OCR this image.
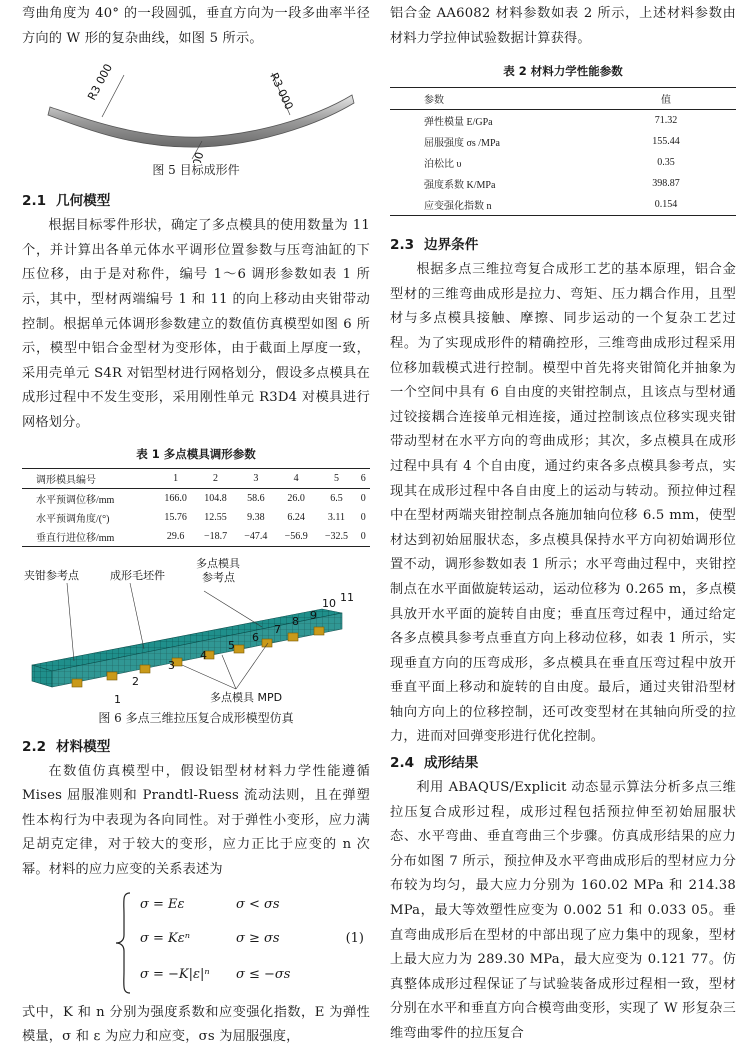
弯曲角度为 40° 的一段圆弧，垂直方向为一段多曲率半径方向的 W 形的复杂曲线，如图 5 所示。

R3 000	R3 000

图 5 目标成形件

2.1 几何模型

根据目标零件形状，确定了多点模具的使用数量为 11 个，并计算出各单元体水平调形位置参数与压弯油缸的下压位移，由于是对称件，编号 1～6 调形参数如表 1 所示，其中，型材两端编号 1 和 11 的向上移动由夹钳带动控制。根据单元体调形参数建立的数值仿真模型如图 6 所示，模型中铝合金型材为变形体，由于截面上厚度一致，采用壳单元 S4R 对铝型材进行网格划分，假设多点模具在成形过程中不发生变形，采用刚性单元 R3D4 对模具进行网格划分。

表 1 多点模具调形参数

调形模具编号	1	2	3	4	5	6
水平预调位移/mm	166.0	104.8	58.6	26.0	6.5	0
水平预调角度/(°)	15.76	12.55	9.38	6.24	3.11	0
垂直行进位移/mm	29.6	−18.7	−47.4	−56.9	−32.5	0
夹钳参考点	成形毛坯件
多点模具
参考点
多点模具 MPD
1
2
3
4
5
6
7
8 9
10 11

图 6 多点三维拉压复合成形模型仿真

2.2 材料模型

在数值仿真模型中，假设铝型材材料力学性能遵循 Mises 屈服准则和 Prandtl-Ruess 流动法则，且在弹塑性本构行为中表现为各向同性。对于弹性小变形，应力满足胡克定律，对于较大的变形，应力正比于应变的 n 次幂。材料的应力应变的关系表述为

σ = Eε	σ < σs
σ = Kεⁿ	σ ≥ σs
σ = −K|ε|ⁿ σ ≤ −σs
(1)

式中，K 和 n 分别为强度系数和应变强化指数，E 为弹性模量，σ 和 ε 为应力和应变，σs 为屈服强度，

铝合金 AA6082 材料参数如表 2 所示，上述材料参数由材料力学拉伸试验数据计算获得。

表 2 材料力学性能参数

参数	值
弹性模量 E/GPa	71.32
屈服强度 σs /MPa	155.44
泊松比 υ	0.35
强度系数 K/MPa	398.87
应变强化指数 n	0.154

2.3 边界条件

根据多点三维拉弯复合成形工艺的基本原理，铝合金型材的三维弯曲成形是拉力、弯矩、压力耦合作用，且型材与多点模具接触、摩擦、同步运动的一个复杂工艺过程。为了实现成形件的精确控形，三维弯曲成形过程采用位移加载模式进行控制。模型中首先将夹钳简化并抽象为一个空间中具有 6 自由度的夹钳控制点，且该点与型材通过铰接耦合连接单元相连接，通过控制该点位移实现夹钳带动型材在水平方向的弯曲成形；其次，多点模具在成形过程中具有 4 个自由度，通过约束各多点模具参考点，实现其在成形过程中各自由度上的运动与转动。预拉伸过程中在型材两端夹钳控制点各施加轴向位移 6.5 mm，使型材达到初始屈服状态，多点模具保持水平方向初始调形位置不动，调形参数如表 1 所示；水平弯曲过程中，夹钳控制点在水平面做旋转运动，运动位移为 0.265 m，多点模具放开水平面的旋转自由度；垂直压弯过程中，通过给定各多点模具参考点垂直方向上移动位移，如表 1 所示，实现垂直方向的压弯成形，多点模具在垂直压弯过程中放开垂直平面上移动和旋转的自由度。最后，通过夹钳沿型材轴向方向上的位移控制，还可改变型材在其轴向所受的拉力，进而对回弹变形进行优化控制。

2.4 成形结果

利用 ABAQUS/Explicit 动态显示算法分析多点三维拉压复合成形过程，成形过程包括预拉伸至初始屈服状态、水平弯曲、垂直弯曲三个步骤。仿真成形结果的应力分布如图 7 所示，预拉伸及水平弯曲成形后的型材应力分布较为均匀，最大应力分别为 160.02 MPa 和 214.38 MPa，最大等效塑性应变为 0.002 51 和 0.033 05。垂直弯曲成形后在型材的中部出现了应力集中的现象，型材上最大应力为 289.30 MPa，最大应变为 0.121 77。仿真整体成形过程保证了与试验装备成形过程相一致，型材分别在水平和垂直方向合模弯曲变形，实现了 W 形复杂三维弯曲零件的拉压复合
